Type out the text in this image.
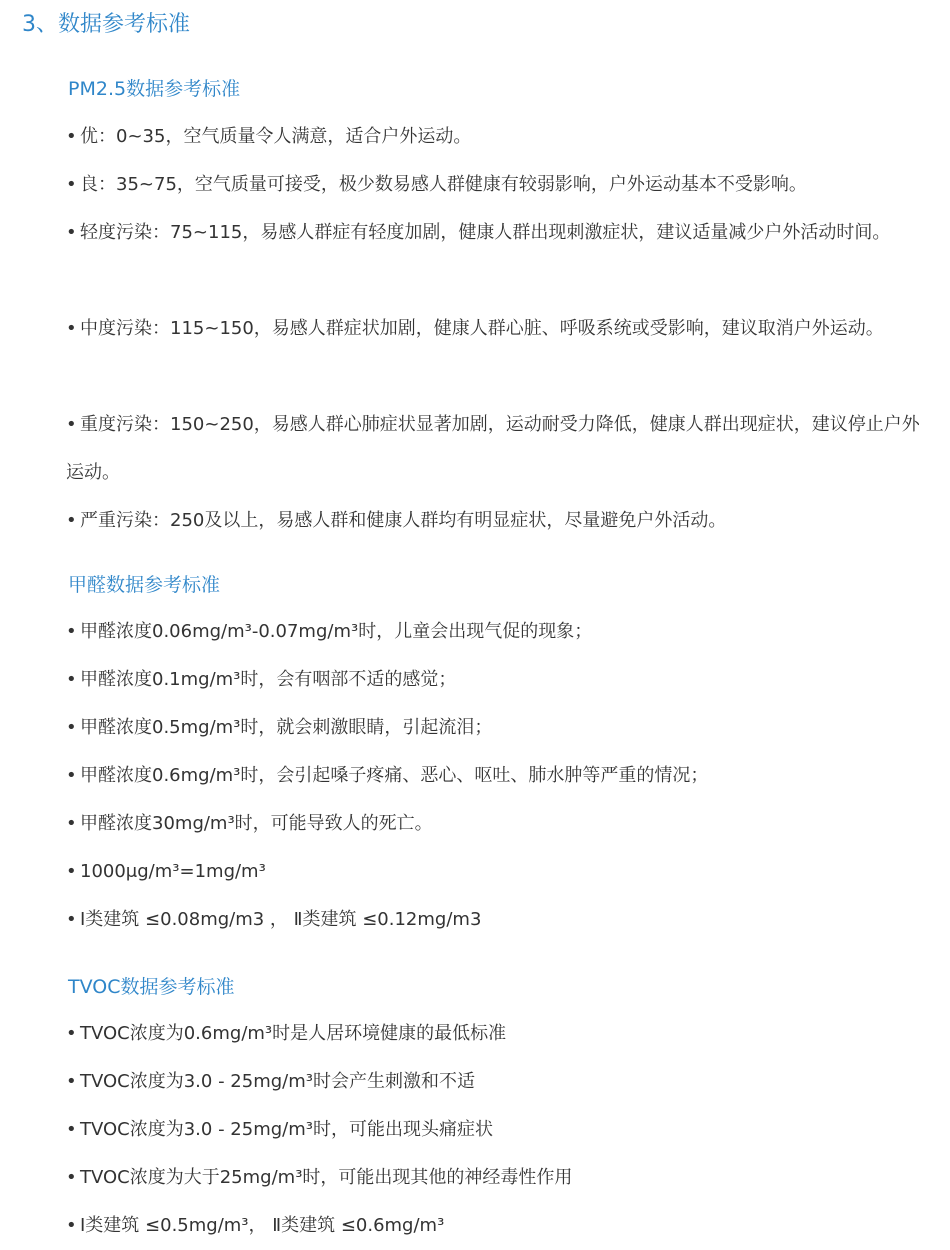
3、数据参考标准
PM2.5数据参考标准
• 优：0~35，空气质量令人满意，适合户外运动。
• 良：35~75，空气质量可接受，极少数易感人群健康有较弱影响，户外运动基本不受影响。
• 轻度污染：75~115，易感人群症有轻度加剧，健康人群出现刺激症状，建议适量减少户外活动时间。
• 中度污染：115~150，易感人群症状加剧，健康人群心脏、呼吸系统或受影响，建议取消户外运动。
• 重度污染：150~250，易感人群心肺症状显著加剧，运动耐受力降低，健康人群出现症状，建议停止户外运动。
• 严重污染：250及以上，易感人群和健康人群均有明显症状，尽量避免户外活动。
甲醛数据参考标准
• 甲醛浓度0.06mg/m³-0.07mg/m³时，儿童会出现气促的现象；
• 甲醛浓度0.1mg/m³时，会有咽部不适的感觉；
• 甲醛浓度0.5mg/m³时，就会刺激眼睛，引起流泪；
• 甲醛浓度0.6mg/m³时，会引起嗓子疼痛、恶心、呕吐、肺水肿等严重的情况；
• 甲醛浓度30mg/m³时，可能导致人的死亡。
• 1000μg/m³=1mg/m³
• Ⅰ类建筑 ≤0.08mg/m3 ， Ⅱ类建筑 ≤0.12mg/m3
TVOC数据参考标准
• TVOC浓度为0.6mg/m³时是人居环境健康的最低标准
• TVOC浓度为3.0 - 25mg/m³时会产生刺激和不适
• TVOC浓度为3.0 - 25mg/m³时，可能出现头痛症状
• TVOC浓度为大于25mg/m³时，可能出现其他的神经毒性作用
• Ⅰ类建筑 ≤0.5mg/m³， Ⅱ类建筑 ≤0.6mg/m³
